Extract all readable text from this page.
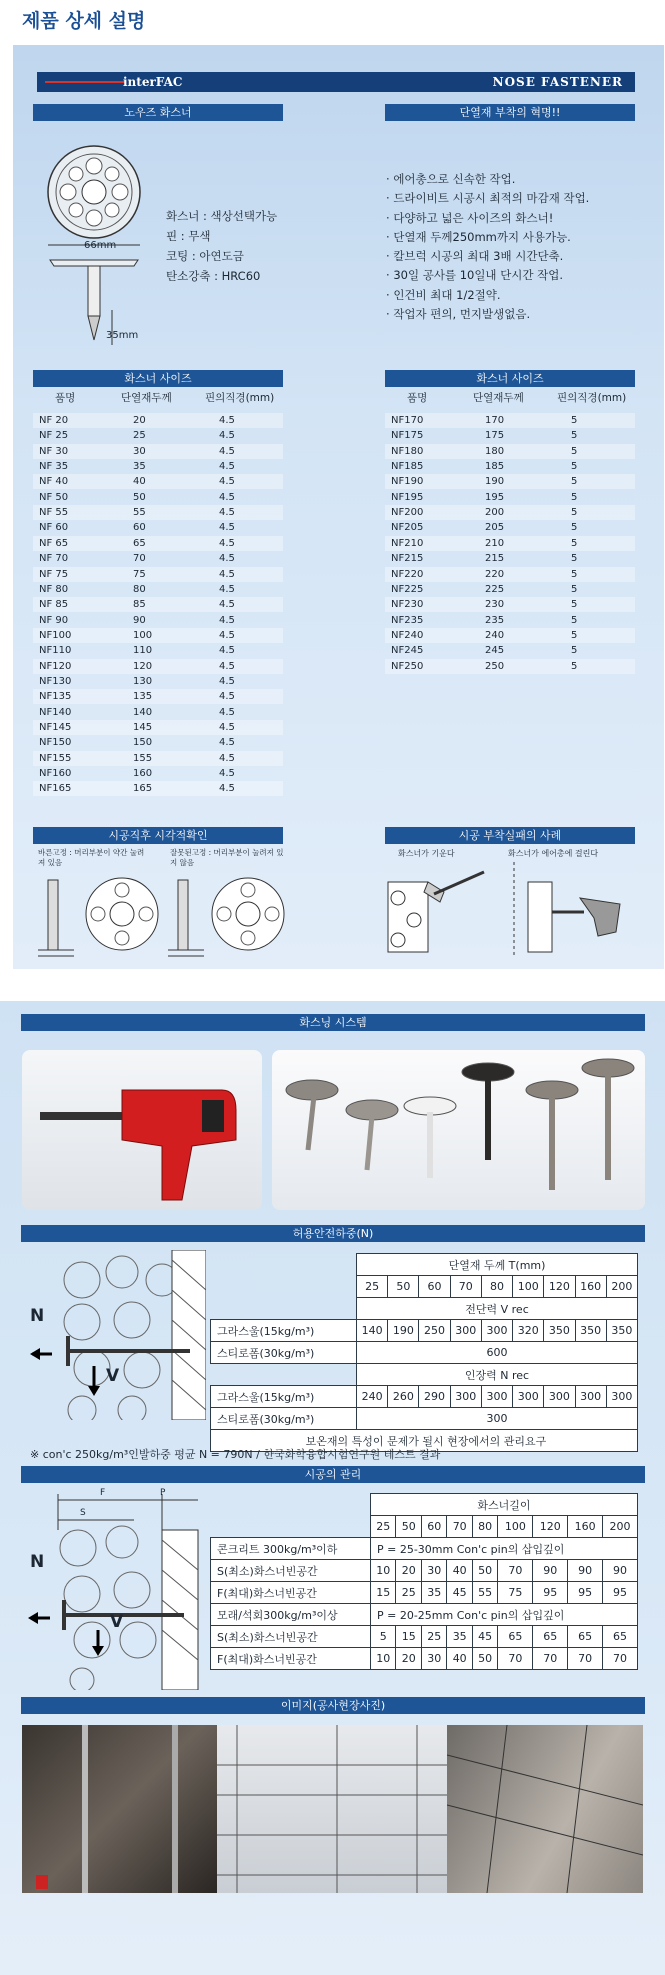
제품 상세 설명
interFAC	NOSE FASTENER
노우즈 화스너	단열재 부착의 혁명!!
66mm
35mm
화스너 : 색상선택가능
핀 : 무색
코팅 : 아연도금
탄소강축 : HRC60
· 에어총으로 신속한 작업.
· 드라이비트 시공시 최적의 마감재 작업.
· 다양하고 넓은 사이즈의 화스너!
· 단열재 두께250mm까지 사용가능.
· 칼브럭 시공의 최대 3배 시간단축.
· 30일 공사를 10일내 단시간 작업.
· 인건비 최대 1/2절약.
· 작업자 편의, 먼지발생없음.
화스너 사이즈	화스너 사이즈
품명	단열재두께	핀의직경(mm)	품명	단열재두께	핀의직경(mm)
NF 20	20	4.5
NF 25	25	4.5
NF 30	30	4.5
NF 35	35	4.5
NF 40	40	4.5
NF 50	50	4.5
NF 55	55	4.5
NF 60	60	4.5
NF 65	65	4.5
NF 70	70	4.5
NF 75	75	4.5
NF 80	80	4.5
NF 85	85	4.5
NF 90	90	4.5
NF100	100	4.5
NF110	110	4.5
NF120	120	4.5
NF130	130	4.5
NF135	135	4.5
NF140	140	4.5
NF145	145	4.5
NF150	150	4.5
NF155	155	4.5
NF160	160	4.5
NF165	165	4.5
NF170	170	5
NF175	175	5
NF180	180	5
NF185	185	5
NF190	190	5
NF195	195	5
NF200	200	5
NF205	205	5
NF210	210	5
NF215	215	5
NF220	220	5
NF225	225	5
NF230	230	5
NF235	235	5
NF240	240	5
NF245	245	5
NF250	250	5
시공직후 시각적확인	시공 부착실패의 사례
바른고정 : 머리부분이 약간 눌려져 있음
잘못된고정 : 머리부분이 눌려져 있지 않음
화스너가 기운다	화스너가 에어총에 걸린다
화스닝 시스템
허용안전하중(N)
N
V
	단열재 두께 T(mm)								
	25	50	60	70	80	100	120	160	200
	전단력 V rec								
그라스울(15kg/m³)	140	190	250	300	300	320	350	350	350
스티로폼(30kg/m³)	600								
	인장력 N rec								
그라스울(15kg/m³)	240	260	290	300	300	300	300	300	300
스티로폼(30kg/m³)	300								
보온재의 특성이 문제가 될시 현장에서의 관리요구									
※ con'c 250kg/m³인발하중 평균 N = 790N / 한국화학융합시험연구원 테스트 결과
시공의 관리
F	P
S
N
V
	화스너길이								
	25	50	60	70	80	100	120	160	200
콘크리트 300kg/m³이하	P = 25-30mm Con'c pin의 삽입깊이								
S(최소)화스너빈공간	10	20	30	40	50	70	90	90	90
F(최대)화스너빈공간	15	25	35	45	55	75	95	95	95
모래/석회300kg/m³이상	P = 20-25mm Con'c pin의 삽입깊이								
S(최소)화스너빈공간	5	15	25	35	45	65	65	65	65
F(최대)화스너빈공간	10	20	30	40	50	70	70	70	70
이미지(공사현장사진)
